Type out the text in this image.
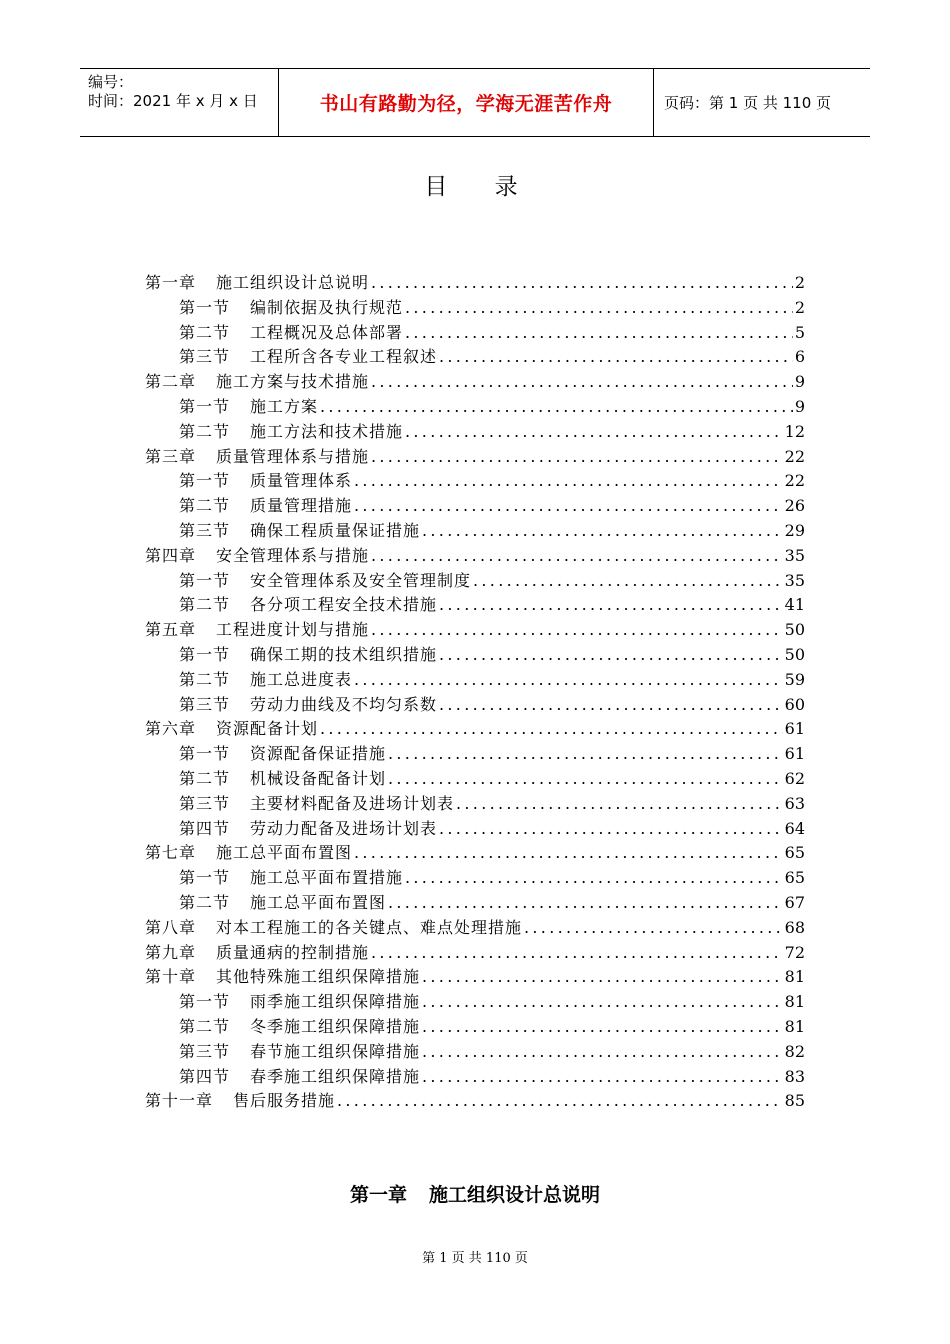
编号：
时间：2021 年 x 月 x 日	书山有路勤为径，学海无涯苦作舟	页码：第 1 页 共 110 页
目 录
第一章 施工组织设计总说明 .....	2
第一节 编制依据及执行规范 .....	2
第二节 工程概况及总体部署 .....	5
第三节 工程所含各专业工程叙述 .....	6
第二章 施工方案与技术措施 .....	9
第一节 施工方案 .....	9
第二节 施工方法和技术措施 .....	12
第三章 质量管理体系与措施 .....	22
第一节 质量管理体系 .....	22
第二节 质量管理措施 .....	26
第三节 确保工程质量保证措施 .....	29
第四章 安全管理体系与措施 .....	35
第一节 安全管理体系及安全管理制度 .....	35
第二节 各分项工程安全技术措施 .....	41
第五章 工程进度计划与措施 .....	50
第一节 确保工期的技术组织措施 .....	50
第二节 施工总进度表 .....	59
第三节 劳动力曲线及不均匀系数 .....	60
第六章 资源配备计划 .....	61
第一节 资源配备保证措施 .....	61
第二节 机械设备配备计划 .....	62
第三节 主要材料配备及进场计划表 .....	63
第四节 劳动力配备及进场计划表 .....	64
第七章 施工总平面布置图 .....	65
第一节 施工总平面布置措施 .....	65
第二节 施工总平面布置图 .....	67
第八章 对本工程施工的各关键点、难点处理措施 .....	68
第九章 质量通病的控制措施 .....	72
第十章 其他特殊施工组织保障措施 .....	81
第一节 雨季施工组织保障措施 .....	81
第二节 冬季施工组织保障措施 .....	81
第三节 春节施工组织保障措施 .....	82
第四节 春季施工组织保障措施 .....	83
第十一章 售后服务措施 .....	85
第一章 施工组织设计总说明
第 1 页 共 110 页
